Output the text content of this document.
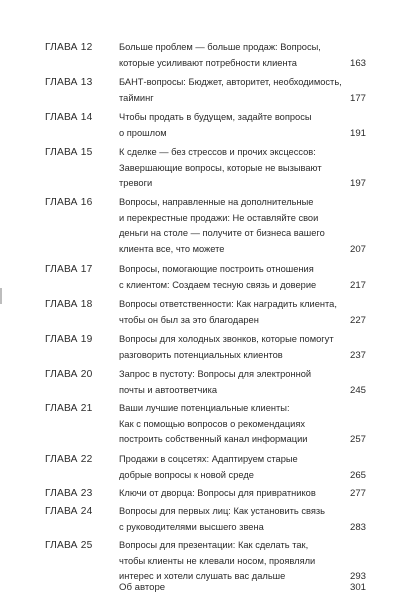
ГЛАВА 12	Больше проблем — больше продаж: Вопросы,
которые усиливают потребности клиента	163
ГЛАВА 13	БАНТ-вопросы: Бюджет, авторитет, необходимость,
тайминг	177
ГЛАВА 14	Чтобы продать в будущем, задайте вопросы
о прошлом	191
ГЛАВА 15	К сделке — без стрессов и прочих эксцессов:
Завершающие вопросы, которые не вызывают
тревоги	197
ГЛАВА 16	Вопросы, направленные на дополнительные
и перекрестные продажи: Не оставляйте свои
деньги на столе — получите от бизнеса вашего
клиента все, что можете	207
ГЛАВА 17	Вопросы, помогающие построить отношения
с клиентом: Создаем тесную связь и доверие	217
ГЛАВА 18	Вопросы ответственности: Как наградить клиента,
чтобы он был за это благодарен	227
ГЛАВА 19	Вопросы для холодных звонков, которые помогут
разговорить потенциальных клиентов	237
ГЛАВА 20	Запрос в пустоту: Вопросы для электронной
почты и автоответчика	245
ГЛАВА 21	Ваши лучшие потенциальные клиенты:
Как с помощью вопросов о рекомендациях
построить собственный канал информации	257
ГЛАВА 22	Продажи в соцсетях: Адаптируем старые
добрые вопросы к новой среде	265
ГЛАВА 23	Ключи от дворца: Вопросы для привратников	277
ГЛАВА 24	Вопросы для первых лиц: Как установить связь
с руководителями высшего звена	283
ГЛАВА 25	Вопросы для презентации: Как сделать так,
чтобы клиенты не клевали носом, проявляли
интерес и хотели слушать вас дальше	293
Об авторе	301
